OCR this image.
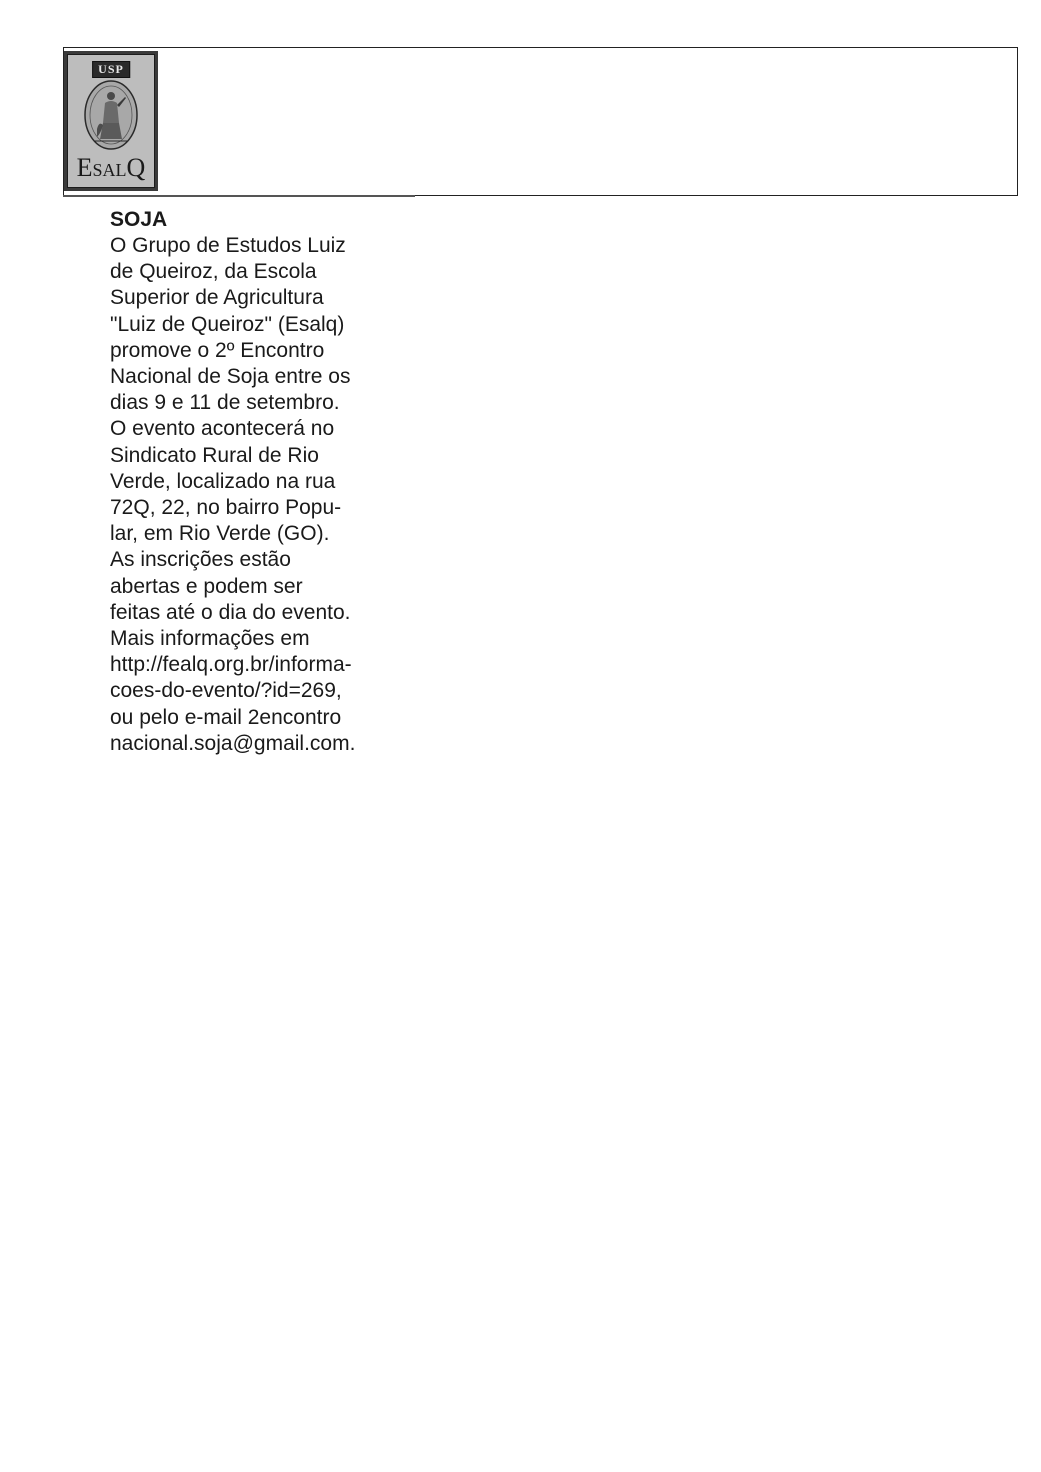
USP
EsalQ
SOJA

O Grupo de Estudos Luiz
de Queiroz, da Escola
Superior de Agricultura
"Luiz de Queiroz" (Esalq)
promove o 2º Encontro
Nacional de Soja entre os
dias 9 e 11 de setembro.
O evento acontecerá no
Sindicato Rural de Rio
Verde, localizado na rua
72Q, 22, no bairro Popu-
lar, em Rio Verde (GO).
As inscrições estão
abertas e podem ser
feitas até o dia do evento.
Mais informações em
http://fealq.org.br/informa-
coes-do-evento/?id=269,
ou pelo e-mail 2encontro
nacional.soja@gmail.com.
